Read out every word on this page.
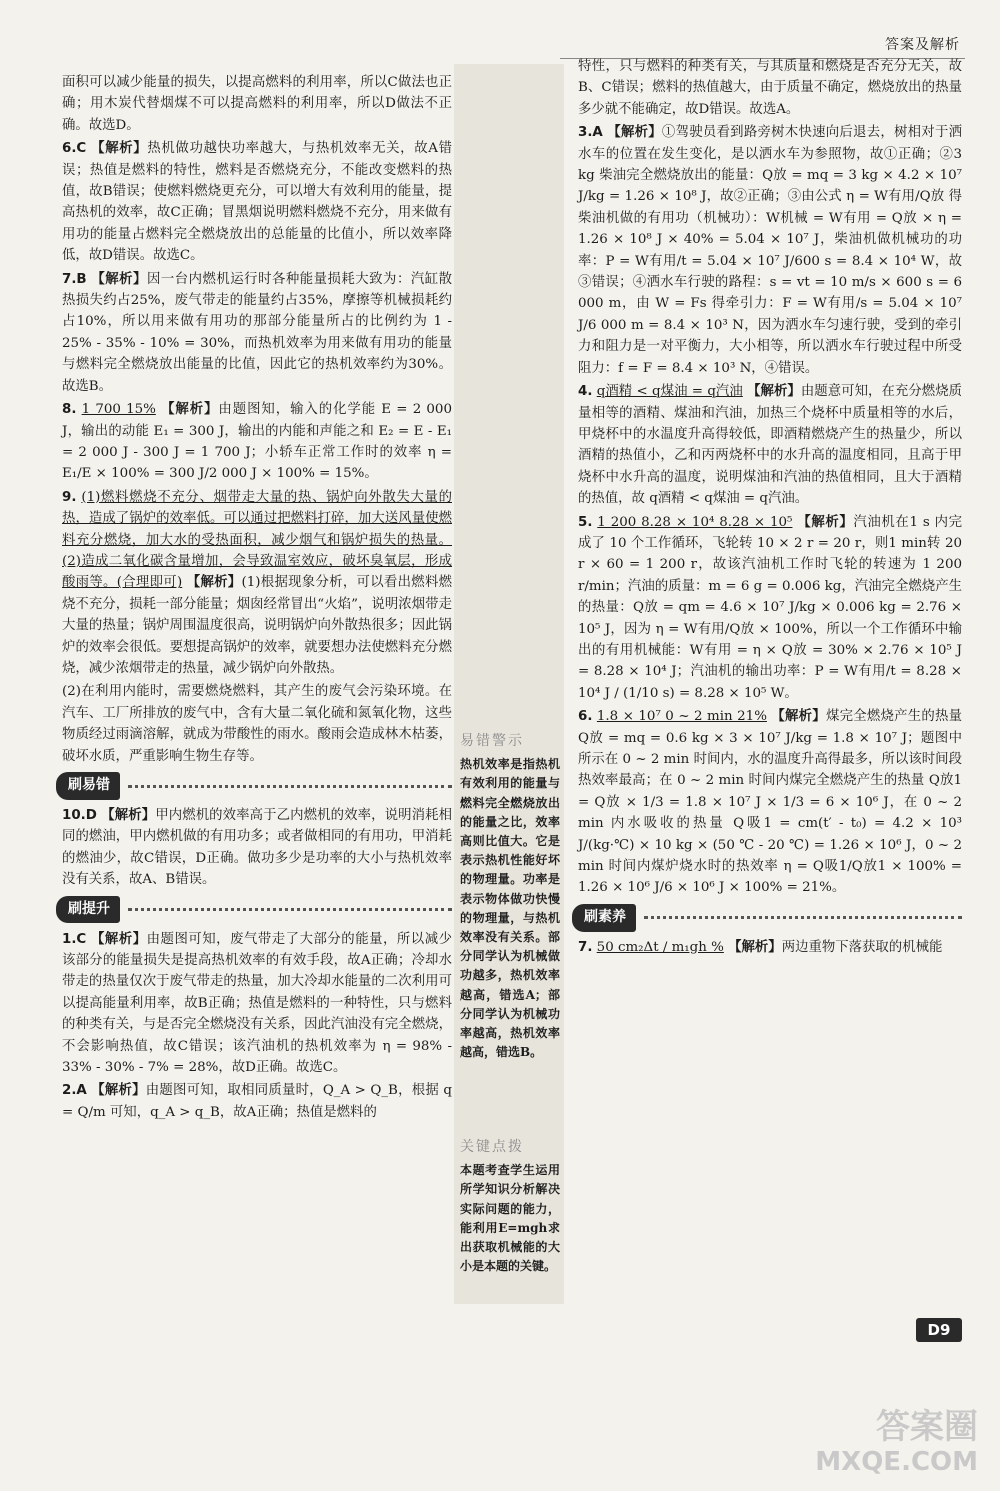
答案及解析

面积可以减少能量的损失，以提高燃料的利用率，所以C做法也正确；用木炭代替烟煤不可以提高燃料的利用率，所以D做法不正确。故选D。

6.C 【解析】热机做功越快功率越大，与热机效率无关，故A错误；热值是燃料的特性，燃料是否燃烧充分，不能改变燃料的热值，故B错误；使燃料燃烧更充分，可以增大有效利用的能量，提高热机的效率，故C正确；冒黑烟说明燃料燃烧不充分，用来做有用功的能量占燃料完全燃烧放出的总能量的比值小，所以效率降低，故D错误。故选C。

7.B 【解析】因一台内燃机运行时各种能量损耗大致为：汽缸散热损失约占25%，废气带走的能量约占35%，摩擦等机械损耗约占10%，所以用来做有用功的那部分能量所占的比例约为 1 - 25% - 35% - 10% = 30%，而热机效率为用来做有用功的能量与燃料完全燃烧放出能量的比值，因此它的热机效率约为30%。故选B。

8. 1 700 15% 【解析】由题图知，输入的化学能 E = 2 000 J，输出的动能 E₁ = 300 J，输出的内能和声能之和 E₂ = E - E₁ = 2 000 J - 300 J = 1 700 J；小轿车正常工作时的效率 η = E₁/E × 100% = 300 J/2 000 J × 100% = 15%。

9. (1)燃料燃烧不充分、烟带走大量的热、锅炉向外散失大量的热，造成了锅炉的效率低。可以通过把燃料打碎，加大送风量使燃料充分燃烧，加大水的受热面积，减少烟气和锅炉损失的热量。(2)造成二氧化碳含量增加，会导致温室效应，破坏臭氧层，形成酸雨等。(合理即可) 【解析】(1)根据现象分析，可以看出燃料燃烧不充分，损耗一部分能量；烟囱经常冒出“火焰”，说明浓烟带走大量的热量；锅炉周围温度很高，说明锅炉向外散热很多；因此锅炉的效率会很低。要想提高锅炉的效率，就要想办法使燃料充分燃烧，减少浓烟带走的热量，减少锅炉向外散热。

(2)在利用内能时，需要燃烧燃料，其产生的废气会污染环境。在汽车、工厂所排放的废气中，含有大量二氧化硫和氮氧化物，这些物质经过雨滴溶解，就成为带酸性的雨水。酸雨会造成林木枯萎，破坏水质，严重影响生物生存等。

刷易错

10.D 【解析】甲内燃机的效率高于乙内燃机的效率，说明消耗相同的燃油，甲内燃机做的有用功多；或者做相同的有用功，甲消耗的燃油少，故C错误，D正确。做功多少是功率的大小与热机效率没有关系，故A、B错误。

刷提升

1.C 【解析】由题图可知，废气带走了大部分的能量，所以减少该部分的能量损失是提高热机效率的有效手段，故A正确；冷却水带走的热量仅次于废气带走的热量，加大冷却水能量的二次利用可以提高能量利用率，故B正确；热值是燃料的一种特性，只与燃料的种类有关，与是否完全燃烧没有关系，因此汽油没有完全燃烧，不会影响热值，故C错误；该汽油机的热机效率为 η = 98% - 33% - 30% - 7% = 28%，故D正确。故选C。

2.A 【解析】由题图可知，取相同质量时，Q_A > Q_B，根据 q = Q/m 可知，q_A > q_B，故A正确；热值是燃料的

易错警示
热机效率是指热机有效利用的能量与燃料完全燃烧放出的能量之比，效率高则比值大。它是表示热机性能好坏的物理量。功率是表示物体做功快慢的物理量，与热机效率没有关系。部分同学认为机械做功越多，热机效率越高，错选A；部分同学认为机械功率越高，热机效率越高，错选B。
关键点拨
本题考查学生运用所学知识分析解决实际问题的能力，能利用E=mgh求出获取机械能的大小是本题的关键。

特性，只与燃料的种类有关，与其质量和燃烧是否充分无关，故B、C错误；燃料的热值越大，由于质量不确定，燃烧放出的热量多少就不能确定，故D错误。故选A。

3.A 【解析】①驾驶员看到路旁树木快速向后退去，树相对于洒水车的位置在发生变化，是以洒水车为参照物，故①正确；②3 kg 柴油完全燃烧放出的能量：Q放 = mq = 3 kg × 4.2 × 10⁷ J/kg = 1.26 × 10⁸ J，故②正确；③由公式 η = W有用/Q放 得柴油机做的有用功（机械功）：W机械 = W有用 = Q放 × η = 1.26 × 10⁸ J × 40% = 5.04 × 10⁷ J，柴油机做机械功的功率：P = W有用/t = 5.04 × 10⁷ J/600 s = 8.4 × 10⁴ W，故③错误；④洒水车行驶的路程：s = vt = 10 m/s × 600 s = 6 000 m，由 W = Fs 得牵引力：F = W有用/s = 5.04 × 10⁷ J/6 000 m = 8.4 × 10³ N，因为洒水车匀速行驶，受到的牵引力和阻力是一对平衡力，大小相等，所以洒水车行驶过程中所受阻力：f = F = 8.4 × 10³ N，④错误。

4. q酒精 < q煤油 = q汽油 【解析】由题意可知，在充分燃烧质量相等的酒精、煤油和汽油，加热三个烧杯中质量相等的水后，甲烧杯中的水温度升高得较低，即酒精燃烧产生的热量少，所以酒精的热值小，乙和丙两烧杯中的水升高的温度相同，且高于甲烧杯中水升高的温度，说明煤油和汽油的热值相同，且大于酒精的热值，故 q酒精 < q煤油 = q汽油。

5. 1 200 8.28 × 10⁴ 8.28 × 10⁵ 【解析】汽油机在1 s 内完成了 10 个工作循环，飞轮转 10 × 2 r = 20 r，则1 min转 20 r × 60 = 1 200 r，故该汽油机工作时飞轮的转速为 1 200 r/min；汽油的质量：m = 6 g = 0.006 kg，汽油完全燃烧产生的热量：Q放 = qm = 4.6 × 10⁷ J/kg × 0.006 kg = 2.76 × 10⁵ J，因为 η = W有用/Q放 × 100%，所以一个工作循环中输出的有用机械能：W有用 = η × Q放 = 30% × 2.76 × 10⁵ J = 8.28 × 10⁴ J；汽油机的输出功率：P = W有用/t = 8.28 × 10⁴ J / (1/10 s) = 8.28 × 10⁵ W。

6. 1.8 × 10⁷ 0 ~ 2 min 21% 【解析】煤完全燃烧产生的热量 Q放 = mq = 0.6 kg × 3 × 10⁷ J/kg = 1.8 × 10⁷ J；题图中所示在 0 ~ 2 min 时间内，水的温度升高得最多，所以该时间段热效率最高；在 0 ~ 2 min 时间内煤完全燃烧产生的热量 Q放1 = Q放 × 1/3 = 1.8 × 10⁷ J × 1/3 = 6 × 10⁶ J，在 0 ~ 2 min 内水吸收的热量 Q吸1 = cm(t′ - t₀) = 4.2 × 10³ J/(kg·℃) × 10 kg × (50 ℃ - 20 ℃) = 1.26 × 10⁶ J，0 ~ 2 min 时间内煤炉烧水时的热效率 η = Q吸1/Q放1 × 100% = 1.26 × 10⁶ J/6 × 10⁶ J × 100% = 21%。

刷素养

7. 50 cm₂Δt / m₁gh % 【解析】两边重物下落获取的机械能

D9
答案圈
MXQE.COM
